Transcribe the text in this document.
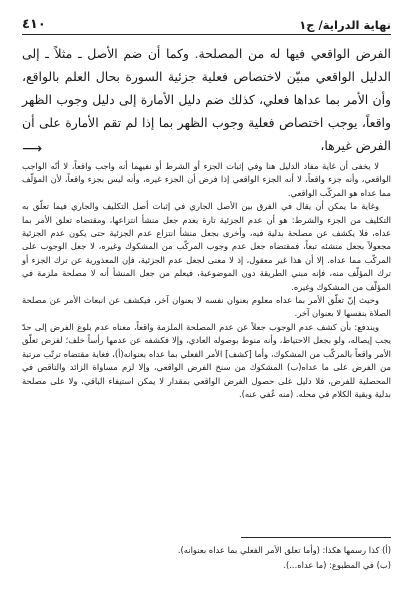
نهاية الدراية/ ج١
٤١٠

الفرض الواقعي فيها له من المصلحة. وكما أن ضم الأصل ـ مثلاً ـ إلى الدليل الواقعي مبيّن لاختصاص فعلية جزئية السورة بحال العلم بالواقع، وأن الأمر بما عداها فعلي، كذلك ضم دليل الأمارة إلى دليل وجوب الظهر واقعاً، يوجب اختصاص فعلية وجوب الظهر بما إذا لم تقم الأمارة على أن الفرض غيرها،

⟶

لا يخفى أن غاية مفاد الدليل هنا وفي إثبات الجزء أو الشرط أو نفيهما أنه واجب واقعاً، لا أنّه الواجب الواقعي، وأنه جزء واقعاً، لا أنه الجزء الواقعي إذا فرض أن الجزء غيره، وأنه ليس بجزء واقعاً، لأن المؤلّف مما عداه هو المركّب الواقعي.

وغاية ما يمكن أن يقال في الفرق بين الأصل الجاري في إثبات أصل التكليف والجاري فيما تعلّق به التكليف من الجزء والشرط: هو أن عدم الجزئية تارة بعدم جعل منشأ انتزاعها، ومقتضاه تعلق الأمر بما عداه، فلا يكشف عن مصلحة بدلية فيه، وأخرى بجعل منشأ انتزاع عدم الجزئية حتى يكون عدم الجزئية مجعولاً بجعل منشئه تبعاً، فمقتضاه جعل عدم وجوب المركّب من المشكوك وغيره، لا جعل الوجوب على المركّب مما عداه. إلا أن هذا غير معقول، إذ لا معنى لجعل عدم الجزئية، فإن المعذورية عن ترك الجزء أو ترك المؤلّف منه، فإنه مبني الطريقة دون الموضوعية، فيعلم من جعل المنشأ أنه لا مصلحة ملزمة في المؤلّف من المشكوك وغيره.

وحيث إنّ تعلّق الأمر بما عداه معلوم بعنوان نفسه لا بعنوان آخر، فيكشف عن انبعاث الأمر عن مصلحة الصلاة بنفسها لا بعنوان آخر.

ويندفع: بأن كشف عدم الوجوب جعلاً عن عدم المصلحة الملزمة واقعاً، معناه عدم بلوغ الفرض إلى حدّ يجب إيصاله، ولو بجعل الاحتياط، وأنه منوط بوصوله العادي، وإلا فكشفه عن عدمها رأساً خلف؛ لفرض تعلّق الأمر واقعاً بالمركّب من المشكوك، وأما [كشف] الأمر الفعلي بما عداه بعنوانه(أ)، فغاية مقتضاه ترتّب مرتبة من الفرض على ما عداه(ب) المشكوك من سنخ الفرض الواقعي، وإلا لزم مساواة الزائد والناقص في المحصلية للفرض، فلا دليل على حصول الفرض الواقعي بمقدار لا يمكن استيفاء الباقي، ولا على مصلحة بدلية وبقية الكلام في محله. (منه عُفي عنه).

(أ) كذا رسمها هكذا: (وأما تعلق الأمر الفعلي بما عداه بعنوانه).
(ب) في المطبوع: (ما عداه...).
